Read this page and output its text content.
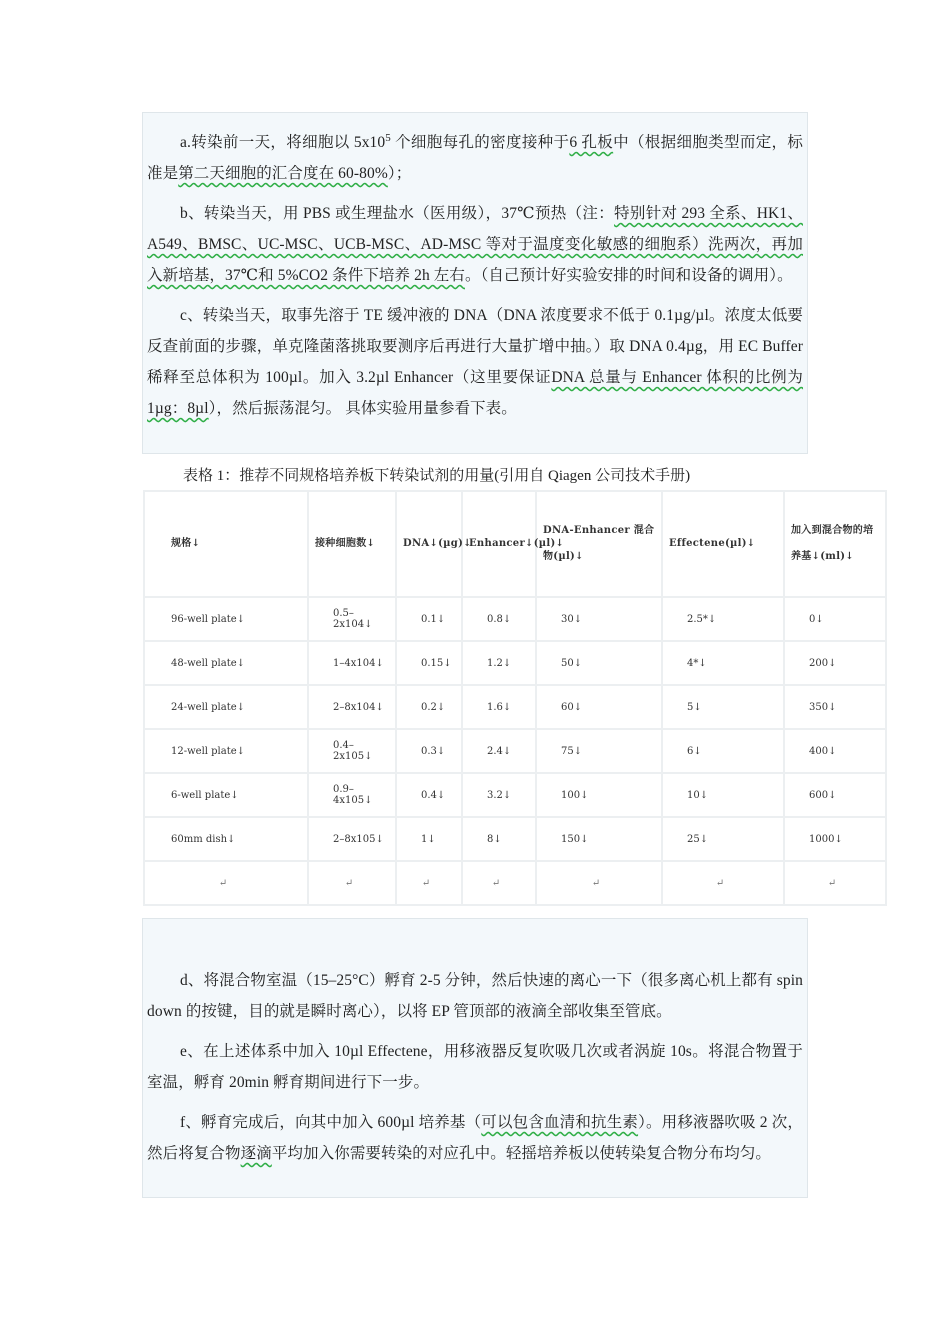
a.转染前一天，将细胞以 $5x10^5$ 个细胞每孔的密度接种于6 孔板中（根据细胞类型而定，标准是第二天细胞的汇合度在 60-80%）；

b、转染当天，用 PBS 或生理盐水（医用级），37℃预热（注：特别针对 293 全系、HK1、A549、BMSC、UC-MSC、UCB-MSC、AD-MSC 等对于温度变化敏感的细胞系）洗两次，再加入新培基，37℃和 5%CO2 条件下培养 2h 左右。（自己预计好实验安排的时间和设备的调用）。

c、转染当天，取事先溶于 TE 缓冲液的 DNA（DNA 浓度要求不低于 0.1µg/µl。浓度太低要反查前面的步骤，单克隆菌落挑取要测序后再进行大量扩增中抽。）取 DNA 0.4µg，用 EC Buffer　稀释至总体积为 100µl。加入 3.2µl Enhancer（这里要保证DNA 总量与 Enhancer 体积的比例为 1µg：8µl），然后振荡混匀。 具体实验用量参看下表。

表格 1：推荐不同规格培养板下转染试剂的用量(引用自 Qiagen 公司技术手册)
规格↓	接种细胞数↓	DNA↓(µg)↓	Enhancer↓(µl)↓	DNA-Enhancer 混合物(µl)↓	Effectene(µl)↓	加入到混合物的培养基↓(ml)↓
96-well plate↓	0.5–2x104↓	0.1↓	0.8↓	30↓	2.5*↓	0↓
48-well plate↓	1–4x104↓	0.15↓	1.2↓	50↓	4*↓	200↓
24-well plate↓	2–8x104↓	0.2↓	1.6↓	60↓	5↓	350↓
12-well plate↓	0.4–2x105↓	0.3↓	2.4↓	75↓	6↓	400↓
6-well plate↓	0.9–4x105↓	0.4↓	3.2↓	100↓	10↓	600↓
60mm dish↓	2–8x105↓	1↓	8↓	150↓	25↓	1000↓
↵	↵	↵	↵	↵	↵	↵

d、将混合物室温（15–25°C）孵育 2-5 分钟，然后快速的离心一下（很多离心机上都有 spin down 的按键，目的就是瞬时离心），以将 EP 管顶部的液滴全部收集至管底。

e、在上述体系中加入 10µl Effectene，用移液器反复吹吸几次或者涡旋 10s。将混合物置于室温，孵育 20min 孵育期间进行下一步。

f、孵育完成后，向其中加入 600µl 培养基（可以包含血清和抗生素）。用移液器吹吸 2 次，然后将复合物逐滴平均加入你需要转染的对应孔中。轻摇培养板以使转染复合物分布均匀。
